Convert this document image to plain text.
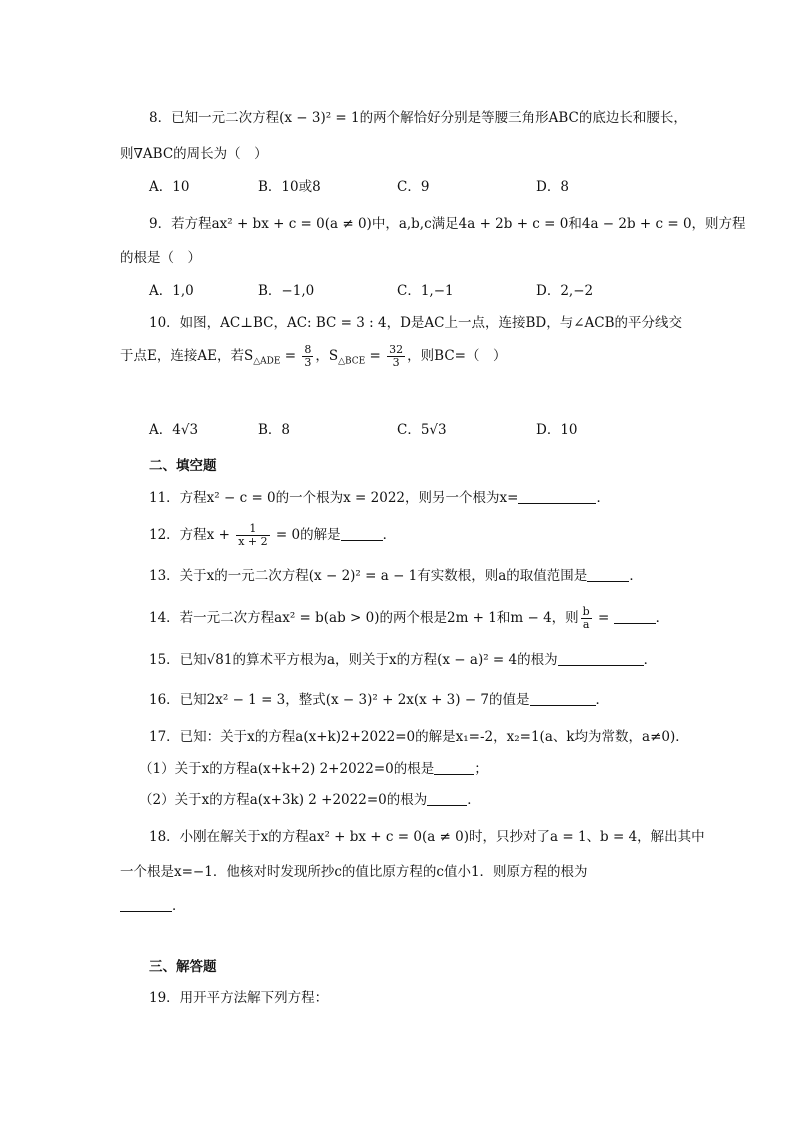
8．已知一元二次方程(x − 3)² = 1的两个解恰好分别是等腰三角形ABC的底边长和腰长，
则∇ABC的周长为（　）
A．10	B．10或8	C．9	D．8
9．若方程ax² + bx + c = 0(a ≠ 0)中，a,b,c满足4a + 2b + c = 0和4a − 2b + c = 0，则方程
的根是（　）
A．1,0	B．−1,0	C．1,−1	D．2,−2
10．如图，AC⊥BC，AC: BC = 3 : 4，D是AC上一点，连接BD，与∠ACB的平分线交
于点E，连接AE，若$S_{\triangle ADE} = \frac{8}{3}$ ，$S_{\triangle BCE} = \frac{32}{3}$ ，则BC=（　）
A．4√3	B．8	C．5√3	D．10
二、填空题
11．方程x² − c = 0的一个根为x = 2022，则另一个根为x=	．
12．方程$x + \frac{1}{x + 2} = 0$的解是	．
13．关于x的一元二次方程(x − 2)² = a − 1有实数根，则a的取值范围是	．
14．若一元二次方程ax² = b(ab > 0)的两个根是2m + 1和m − 4，则 $\frac{b}{a}$ =	．
15．已知√81的算术平方根为a，则关于x的方程(x − a)² = 4的根为	．
16．已知2x² − 1 = 3，整式(x − 3)² + 2x(x + 3) − 7的值是	．
17．已知：关于x的方程a(x+k)2+2022=0的解是x₁=-2，x₂=1(a、k均为常数，a≠0)．
（1）关于x的方程a(x+k+2) 2+2022=0的根是	；
（2）关于x的方程a(x+3k) 2 +2022=0的根为	．
18．小刚在解关于x的方程ax² + bx + c = 0(a ≠ 0)时，只抄对了a = 1、b = 4，解出其中
一个根是x=−1．他核对时发现所抄c的值比原方程的c值小1．则原方程的根为
．
三、解答题
19．用开平方法解下列方程：
